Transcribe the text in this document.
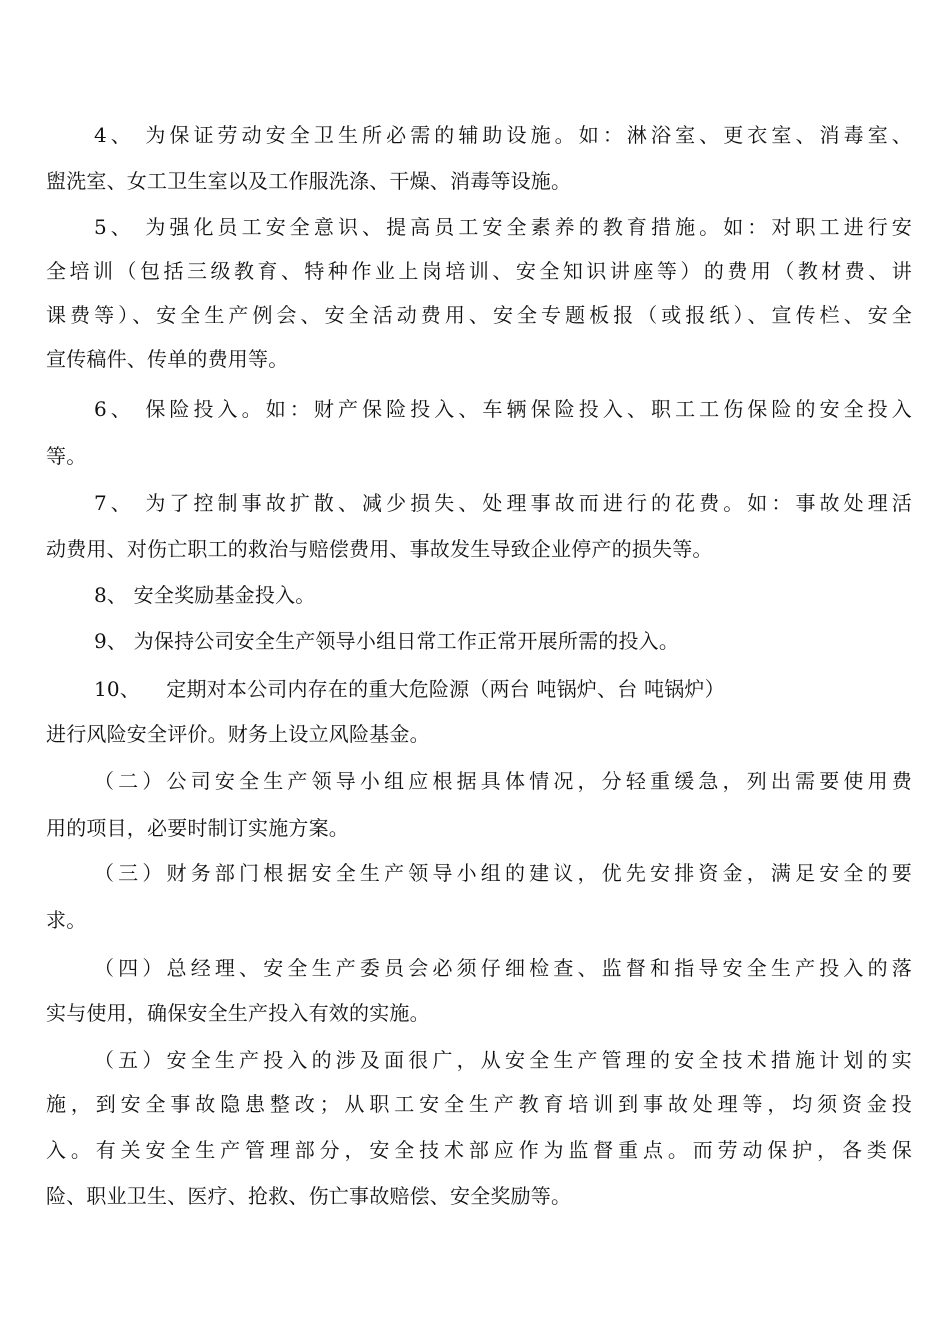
4、 为保证劳动安全卫生所必需的辅助设施。如：淋浴室、更衣室、消毒室、

盥洗室、女工卫生室以及工作服洗涤、干燥、消毒等设施。

5、 为强化员工安全意识、提高员工安全素养的教育措施。如：对职工进行安

全培训（包括三级教育、特种作业上岗培训、安全知识讲座等）的费用（教材费、讲

课费等）、安全生产例会、安全活动费用、安全专题板报（或报纸）、宣传栏、安全

宣传稿件、传单的费用等。

6、 保险投入。如：财产保险投入、车辆保险投入、职工工伤保险的安全投入

等。

7、 为了控制事故扩散、减少损失、处理事故而进行的花费。如：事故处理活

动费用、对伤亡职工的救治与赔偿费用、事故发生导致企业停产的损失等。

8、 安全奖励基金投入。

9、 为保持公司安全生产领导小组日常工作正常开展所需的投入。

10、    定期对本公司内存在的重大危险源（两台 吨锅炉、台 吨锅炉）

进行风险安全评价。财务上设立风险基金。

（二）公司安全生产领导小组应根据具体情况，分轻重缓急，列出需要使用费

用的项目，必要时制订实施方案。

（三）财务部门根据安全生产领导小组的建议，优先安排资金，满足安全的要

求。

（四）总经理、安全生产委员会必须仔细检查、监督和指导安全生产投入的落

实与使用，确保安全生产投入有效的实施。

（五）安全生产投入的涉及面很广，从安全生产管理的安全技术措施计划的实

施，到安全事故隐患整改；从职工安全生产教育培训到事故处理等，均须资金投

入。有关安全生产管理部分，安全技术部应作为监督重点。而劳动保护，各类保

险、职业卫生、医疗、抢救、伤亡事故赔偿、安全奖励等。
